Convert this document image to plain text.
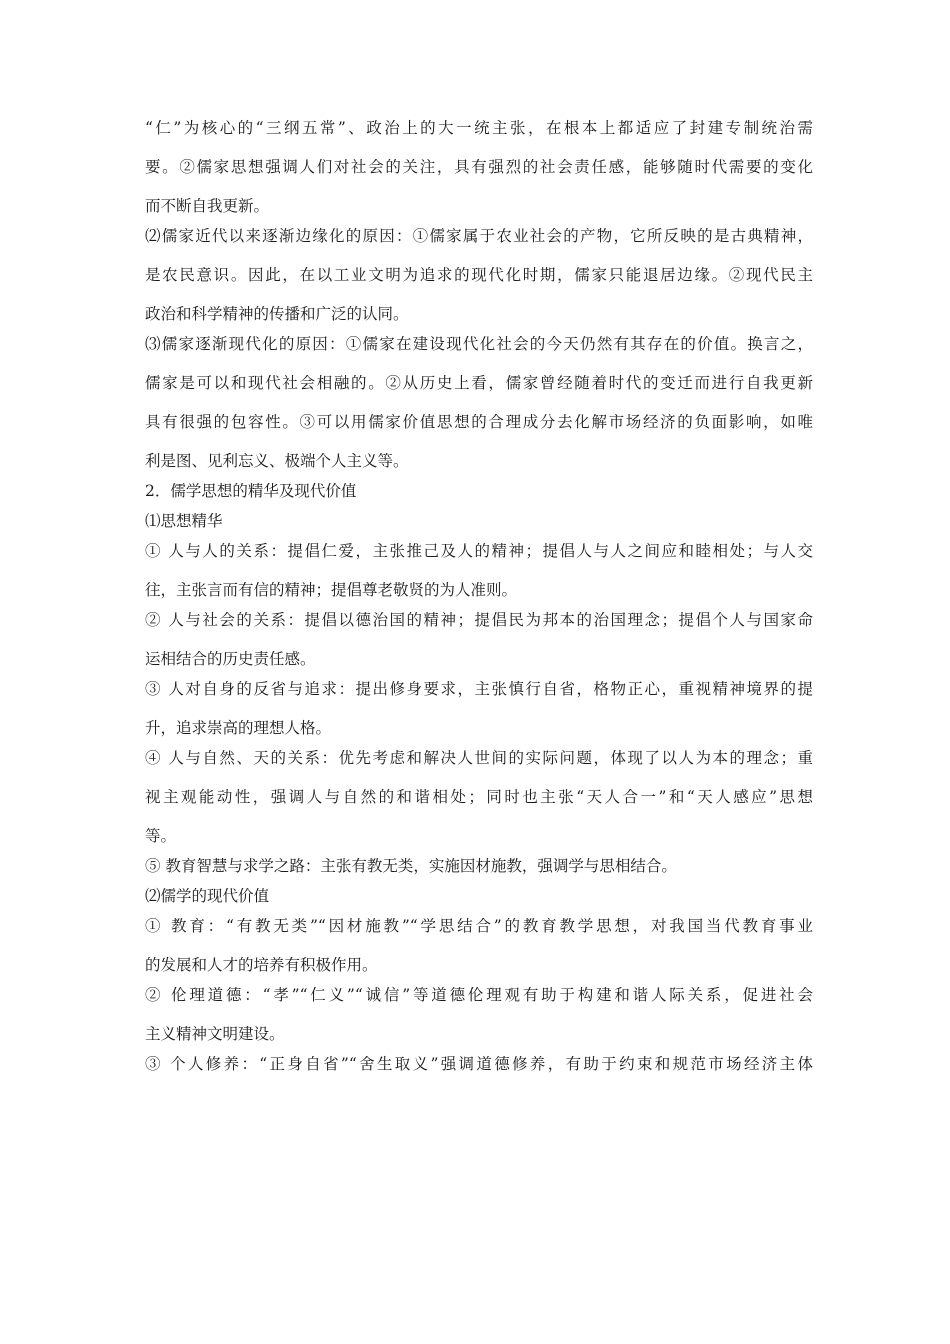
“仁”为核心的“三纲五常”、政治上的大一统主张，在根本上都适应了封建专制统治需
要。②儒家思想强调人们对社会的关注，具有强烈的社会责任感，能够随时代需要的变化
而不断自我更新。
⑵儒家近代以来逐渐边缘化的原因：①儒家属于农业社会的产物，它所反映的是古典精神，
是农民意识。因此，在以工业文明为追求的现代化时期，儒家只能退居边缘。②现代民主
政治和科学精神的传播和广泛的认同。
⑶儒家逐渐现代化的原因：①儒家在建设现代化社会的今天仍然有其存在的价值。换言之，
儒家是可以和现代社会相融的。②从历史上看，儒家曾经随着时代的变迁而进行自我更新
具有很强的包容性。③可以用儒家价值思想的合理成分去化解市场经济的负面影响，如唯
利是图、见利忘义、极端个人主义等。
2．儒学思想的精华及现代价值
⑴思想精华
① 人与人的关系：提倡仁爱，主张推己及人的精神；提倡人与人之间应和睦相处；与人交
往，主张言而有信的精神；提倡尊老敬贤的为人准则。
② 人与社会的关系：提倡以德治国的精神；提倡民为邦本的治国理念；提倡个人与国家命
运相结合的历史责任感。
③ 人对自身的反省与追求：提出修身要求，主张慎行自省，格物正心，重视精神境界的提
升，追求崇高的理想人格。
④ 人与自然、天的关系：优先考虑和解决人世间的实际问题，体现了以人为本的理念；重
视主观能动性，强调人与自然的和谐相处；同时也主张“天人合一”和“天人感应”思想
等。
⑤ 教育智慧与求学之路：主张有教无类，实施因材施教，强调学与思相结合。
⑵儒学的现代价值
① 教育：“有教无类”“因材施教”“学思结合”的教育教学思想，对我国当代教育事业
的发展和人才的培养有积极作用。
② 伦理道德：“孝”“仁义”“诚信”等道德伦理观有助于构建和谐人际关系，促进社会
主义精神文明建设。
③ 个人修养：“正身自省”“舍生取义”强调道德修养，有助于约束和规范市场经济主体
